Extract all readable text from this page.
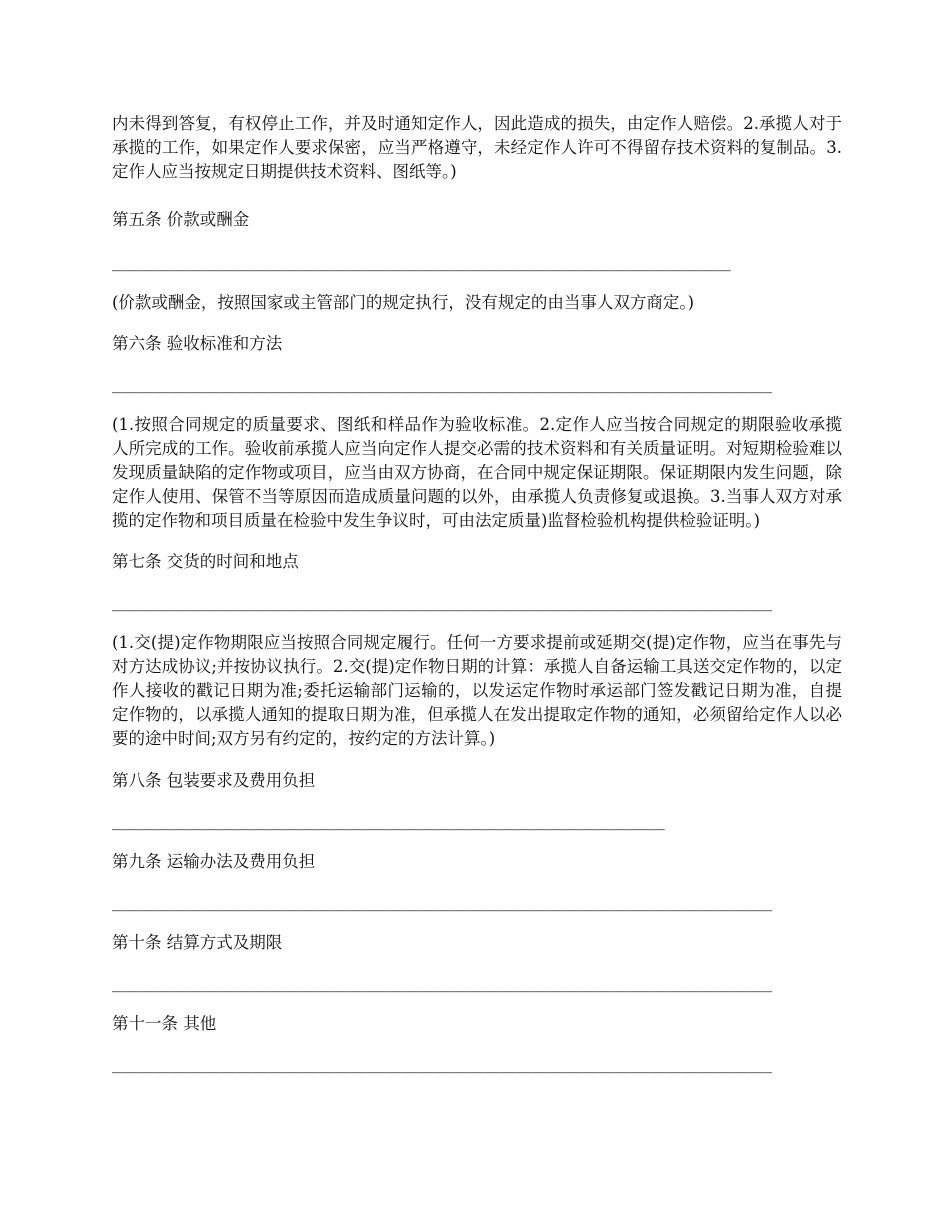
内未得到答复，有权停止工作，并及时通知定作人，因此造成的损失，由定作人赔偿。2.承揽人对于承揽的工作，如果定作人要求保密，应当严格遵守，未经定作人许可不得留存技术资料的复制品。3.定作人应当按规定日期提供技术资料、图纸等。)

第五条 价款或酬金

___________________________________________________________________________

(价款或酬金，按照国家或主管部门的规定执行，没有规定的由当事人双方商定。)

第六条 验收标准和方法

________________________________________________________________________________

(1.按照合同规定的质量要求、图纸和样品作为验收标准。2.定作人应当按合同规定的期限验收承揽人所完成的工作。验收前承揽人应当向定作人提交必需的技术资料和有关质量证明。对短期检验难以发现质量缺陷的定作物或项目，应当由双方协商，在合同中规定保证期限。保证期限内发生问题，除定作人使用、保管不当等原因而造成质量问题的以外，由承揽人负责修复或退换。3.当事人双方对承揽的定作物和项目质量在检验中发生争议时，可由法定质量)监督检验机构提供检验证明。)

第七条 交货的时间和地点

________________________________________________________________________________

(1.交(提)定作物期限应当按照合同规定履行。任何一方要求提前或延期交(提)定作物，应当在事先与对方达成协议;并按协议执行。2.交(提)定作物日期的计算：承揽人自备运输工具送交定作物的，以定作人接收的戳记日期为准;委托运输部门运输的，以发运定作物时承运部门签发戳记日期为准，自提定作物的，以承揽人通知的提取日期为准，但承揽人在发出提取定作物的通知，必须留给定作人以必要的途中时间;双方另有约定的，按约定的方法计算。)

第八条 包装要求及费用负担

___________________________________________________________________

第九条 运输办法及费用负担

________________________________________________________________________________

第十条 结算方式及期限

________________________________________________________________________________

第十一条 其他

________________________________________________________________________________
